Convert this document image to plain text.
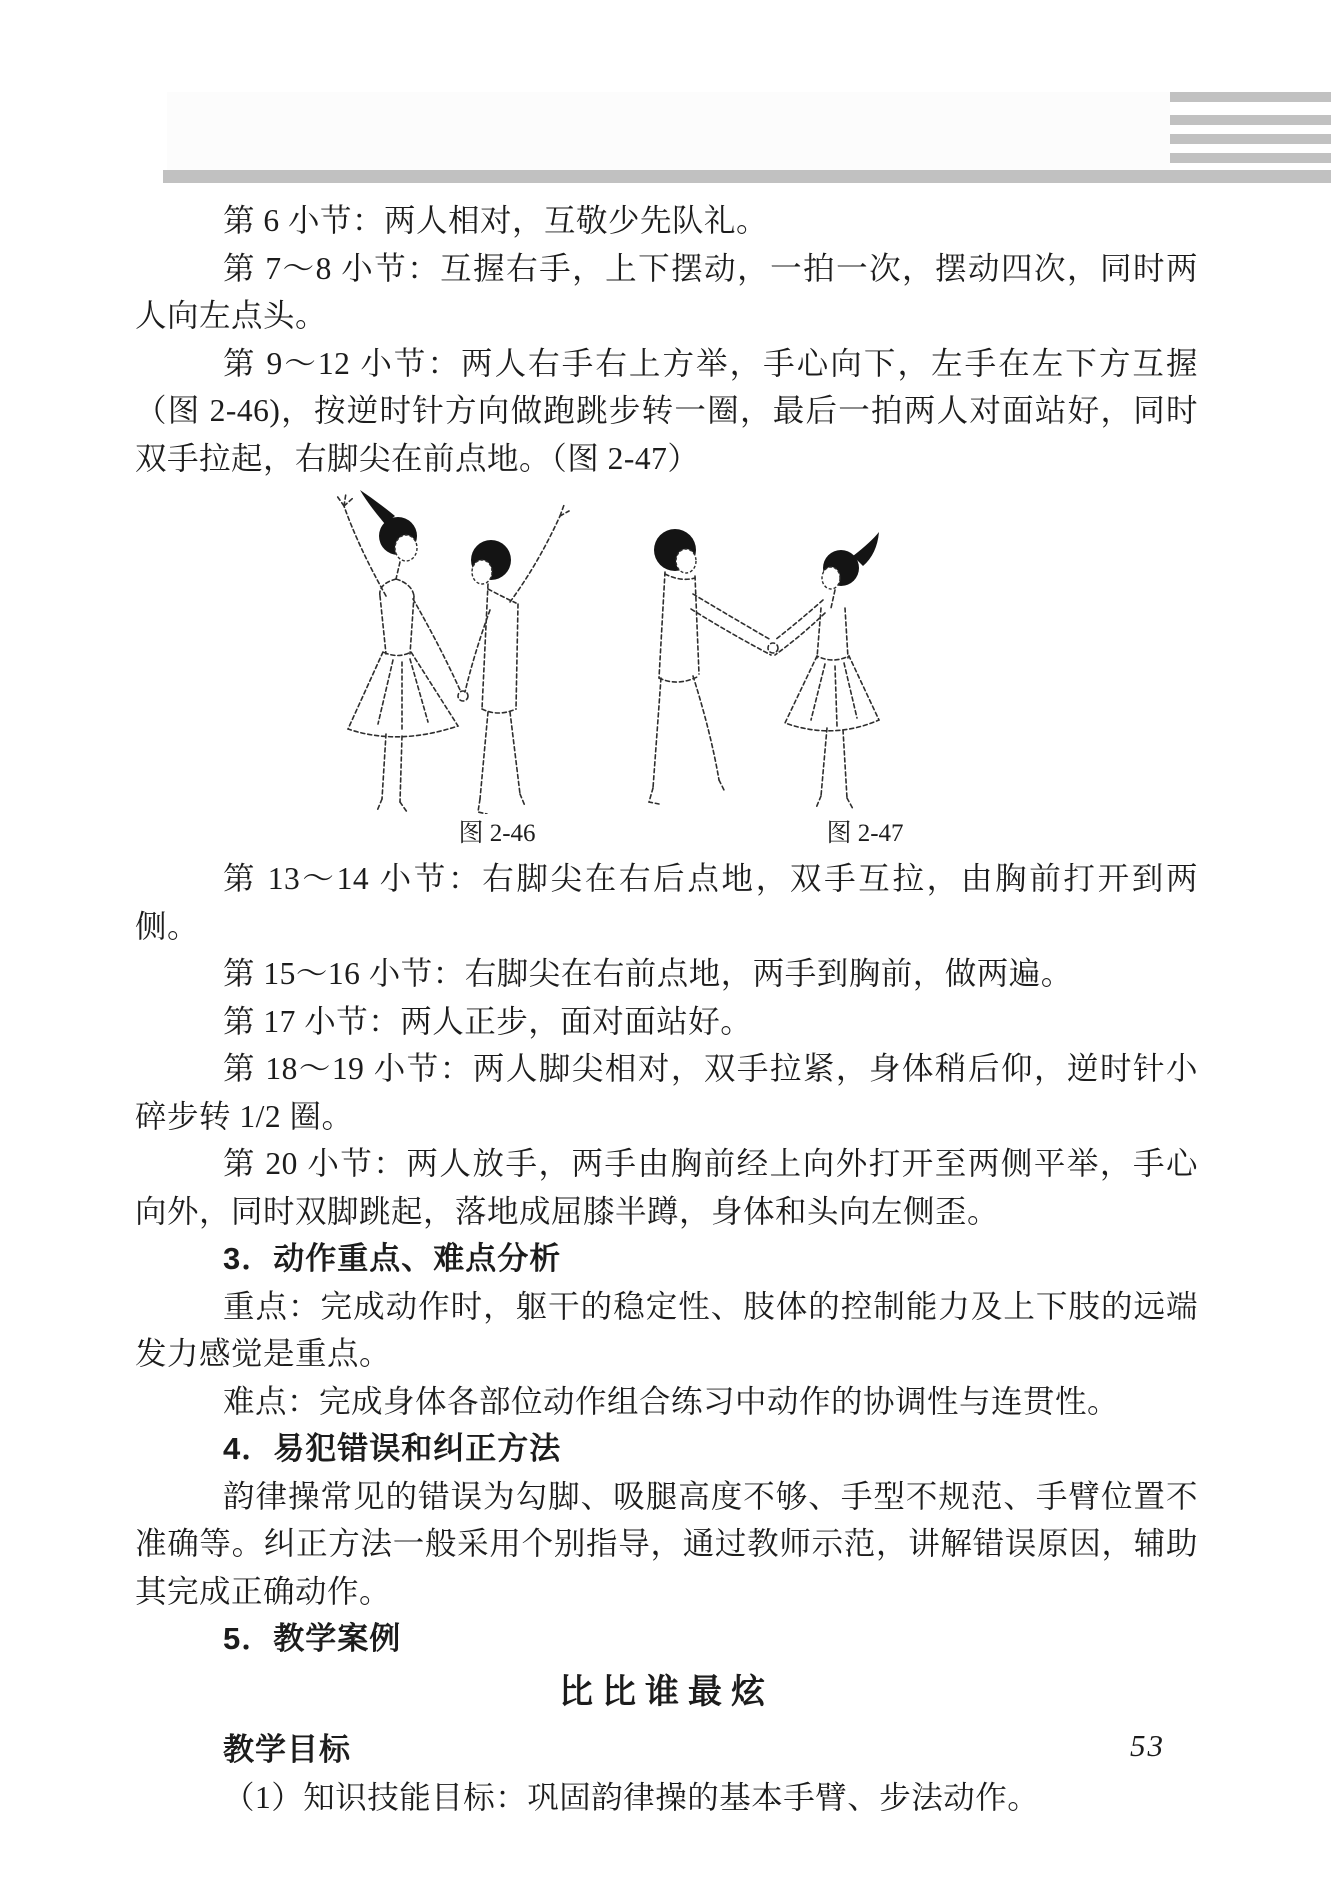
第 6 小节：两人相对，互敬少先队礼。

第 7～8 小节：互握右手，上下摆动，一拍一次，摆动四次，同时两人向左点头。

第 9～12 小节：两人右手右上方举，手心向下，左手在左下方互握（图 2-46)，按逆时针方向做跑跳步转一圈，最后一拍两人对面站好，同时双手拉起，右脚尖在前点地。（图 2-47）

图 2-46	图 2-47

第 13～14 小节：右脚尖在右后点地，双手互拉，由胸前打开到两侧。

第 15～16 小节：右脚尖在右前点地，两手到胸前，做两遍。

第 17 小节：两人正步，面对面站好。

第 18～19 小节：两人脚尖相对，双手拉紧，身体稍后仰，逆时针小碎步转 1/2 圈。

第 20 小节：两人放手，两手由胸前经上向外打开至两侧平举，手心向外，同时双脚跳起，落地成屈膝半蹲，身体和头向左侧歪。

3．动作重点、难点分析

重点：完成动作时，躯干的稳定性、肢体的控制能力及上下肢的远端发力感觉是重点。

难点：完成身体各部位动作组合练习中动作的协调性与连贯性。

4．易犯错误和纠正方法

韵律操常见的错误为勾脚、吸腿高度不够、手型不规范、手臂位置不准确等。纠正方法一般采用个别指导，通过教师示范，讲解错误原因，辅助其完成正确动作。

5．教学案例

比比谁最炫

教学目标

（1）知识技能目标：巩固韵律操的基本手臂、步法动作。

53
